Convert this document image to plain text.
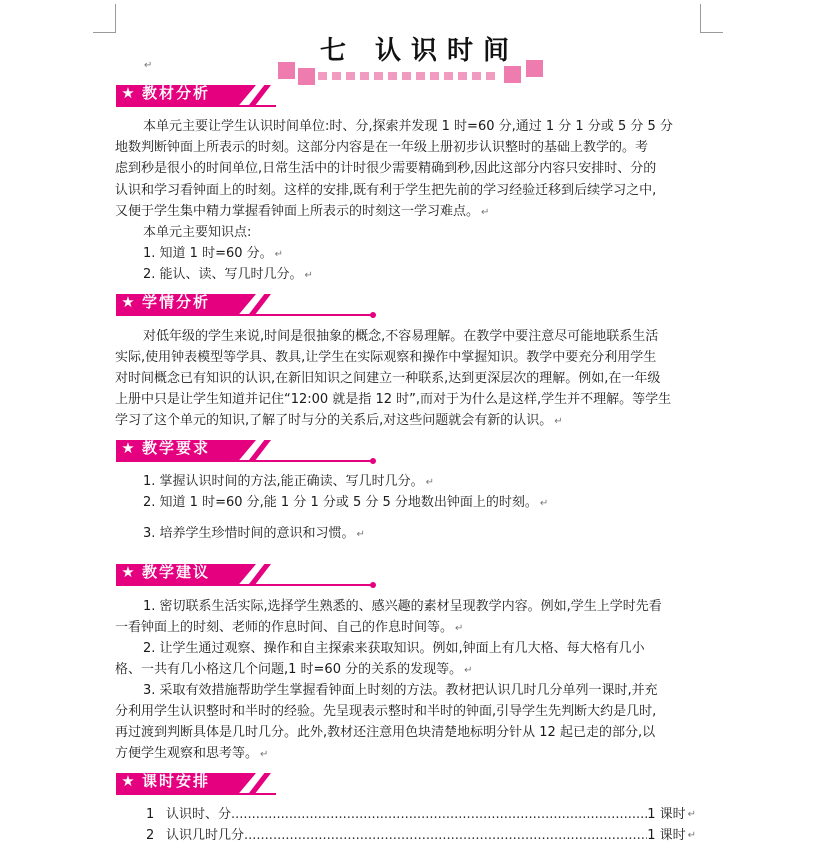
七 认识时间
↵
★ 教材分析
本单元主要让学生认识时间单位:时、分,探索并发现 1 时=60 分,通过 1 分 1 分或 5 分 5 分
地数判断钟面上所表示的时刻。这部分内容是在一年级上册初步认识整时的基础上教学的。考
虑到秒是很小的时间单位,日常生活中的计时很少需要精确到秒,因此这部分内容只安排时、分的
认识和学习看钟面上的时刻。这样的安排,既有利于学生把先前的学习经验迁移到后续学习之中,
又便于学生集中精力掌握看钟面上所表示的时刻这一学习难点。 ↵
本单元主要知识点:
1. 知道 1 时=60 分。 ↵
2. 能认、读、写几时几分。 ↵
★ 学情分析
对低年级的学生来说,时间是很抽象的概念,不容易理解。在教学中要注意尽可能地联系生活
实际,使用钟表模型等学具、教具,让学生在实际观察和操作中掌握知识。教学中要充分利用学生
对时间概念已有知识的认识,在新旧知识之间建立一种联系,达到更深层次的理解。例如,在一年级
上册中只是让学生知道并记住“12:00 就是指 12 时”,而对于为什么是这样,学生并不理解。等学生
学习了这个单元的知识,了解了时与分的关系后,对这些问题就会有新的认识。 ↵
★ 教学要求
1. 掌握认识时间的方法,能正确读、写几时几分。 ↵
2. 知道 1 时=60 分,能 1 分 1 分或 5 分 5 分地数出钟面上的时刻。 ↵
3. 培养学生珍惜时间的意识和习惯。 ↵
★ 教学建议
1. 密切联系生活实际,选择学生熟悉的、感兴趣的素材呈现教学内容。例如,学生上学时先看
一看钟面上的时刻、老师的作息时间、自己的作息时间等。 ↵
2. 让学生通过观察、操作和自主探索来获取知识。例如,钟面上有几大格、每大格有几小
格、一共有几小格这几个问题,1 时=60 分的关系的发现等。 ↵
3. 采取有效措施帮助学生掌握看钟面上时刻的方法。教材把认识几时几分单列一课时,并充
分利用学生认识整时和半时的经验。先呈现表示整时和半时的钟面,引导学生先判断大约是几时,
再过渡到判断具体是几时几分。此外,教材还注意用色块清楚地标明分针从 12 起已走的部分,以
方便学生观察和思考等。 ↵
★ 课时安排
1 认识时、分 .....	1 课时 ↵
2 认识几时几分 .....	1 课时 ↵
